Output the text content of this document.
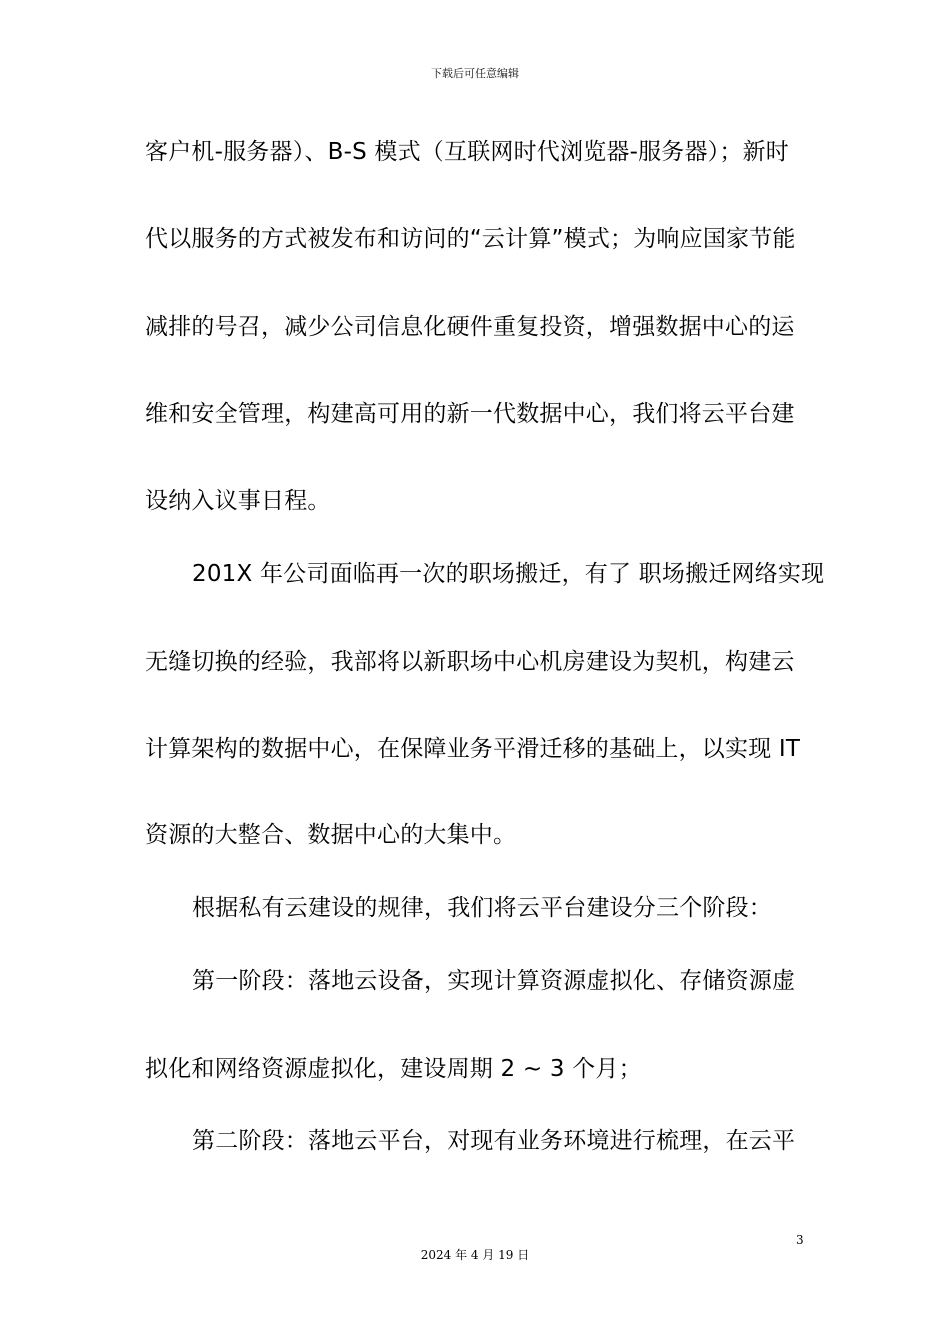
下载后可任意编辑
客户机-服务器）、B-S 模式（互联网时代浏览器-服务器）；新时
代以服务的方式被发布和访问的“云计算”模式；为响应国家节能
减排的号召，减少公司信息化硬件重复投资，增强数据中心的运
维和安全管理，构建高可用的新一代数据中心，我们将云平台建
设纳入议事日程。
201X 年公司面临再一次的职场搬迁，有了 职场搬迁网络实现
无缝切换的经验，我部将以新职场中心机房建设为契机，构建云
计算架构的数据中心，在保障业务平滑迁移的基础上，以实现 IT
资源的大整合、数据中心的大集中。
根据私有云建设的规律，我们将云平台建设分三个阶段：
第一阶段：落地云设备，实现计算资源虚拟化、存储资源虚
拟化和网络资源虚拟化，建设周期 2 ~ 3 个月；
第二阶段：落地云平台，对现有业务环境进行梳理，在云平
3
2024 年 4 月 19 日
